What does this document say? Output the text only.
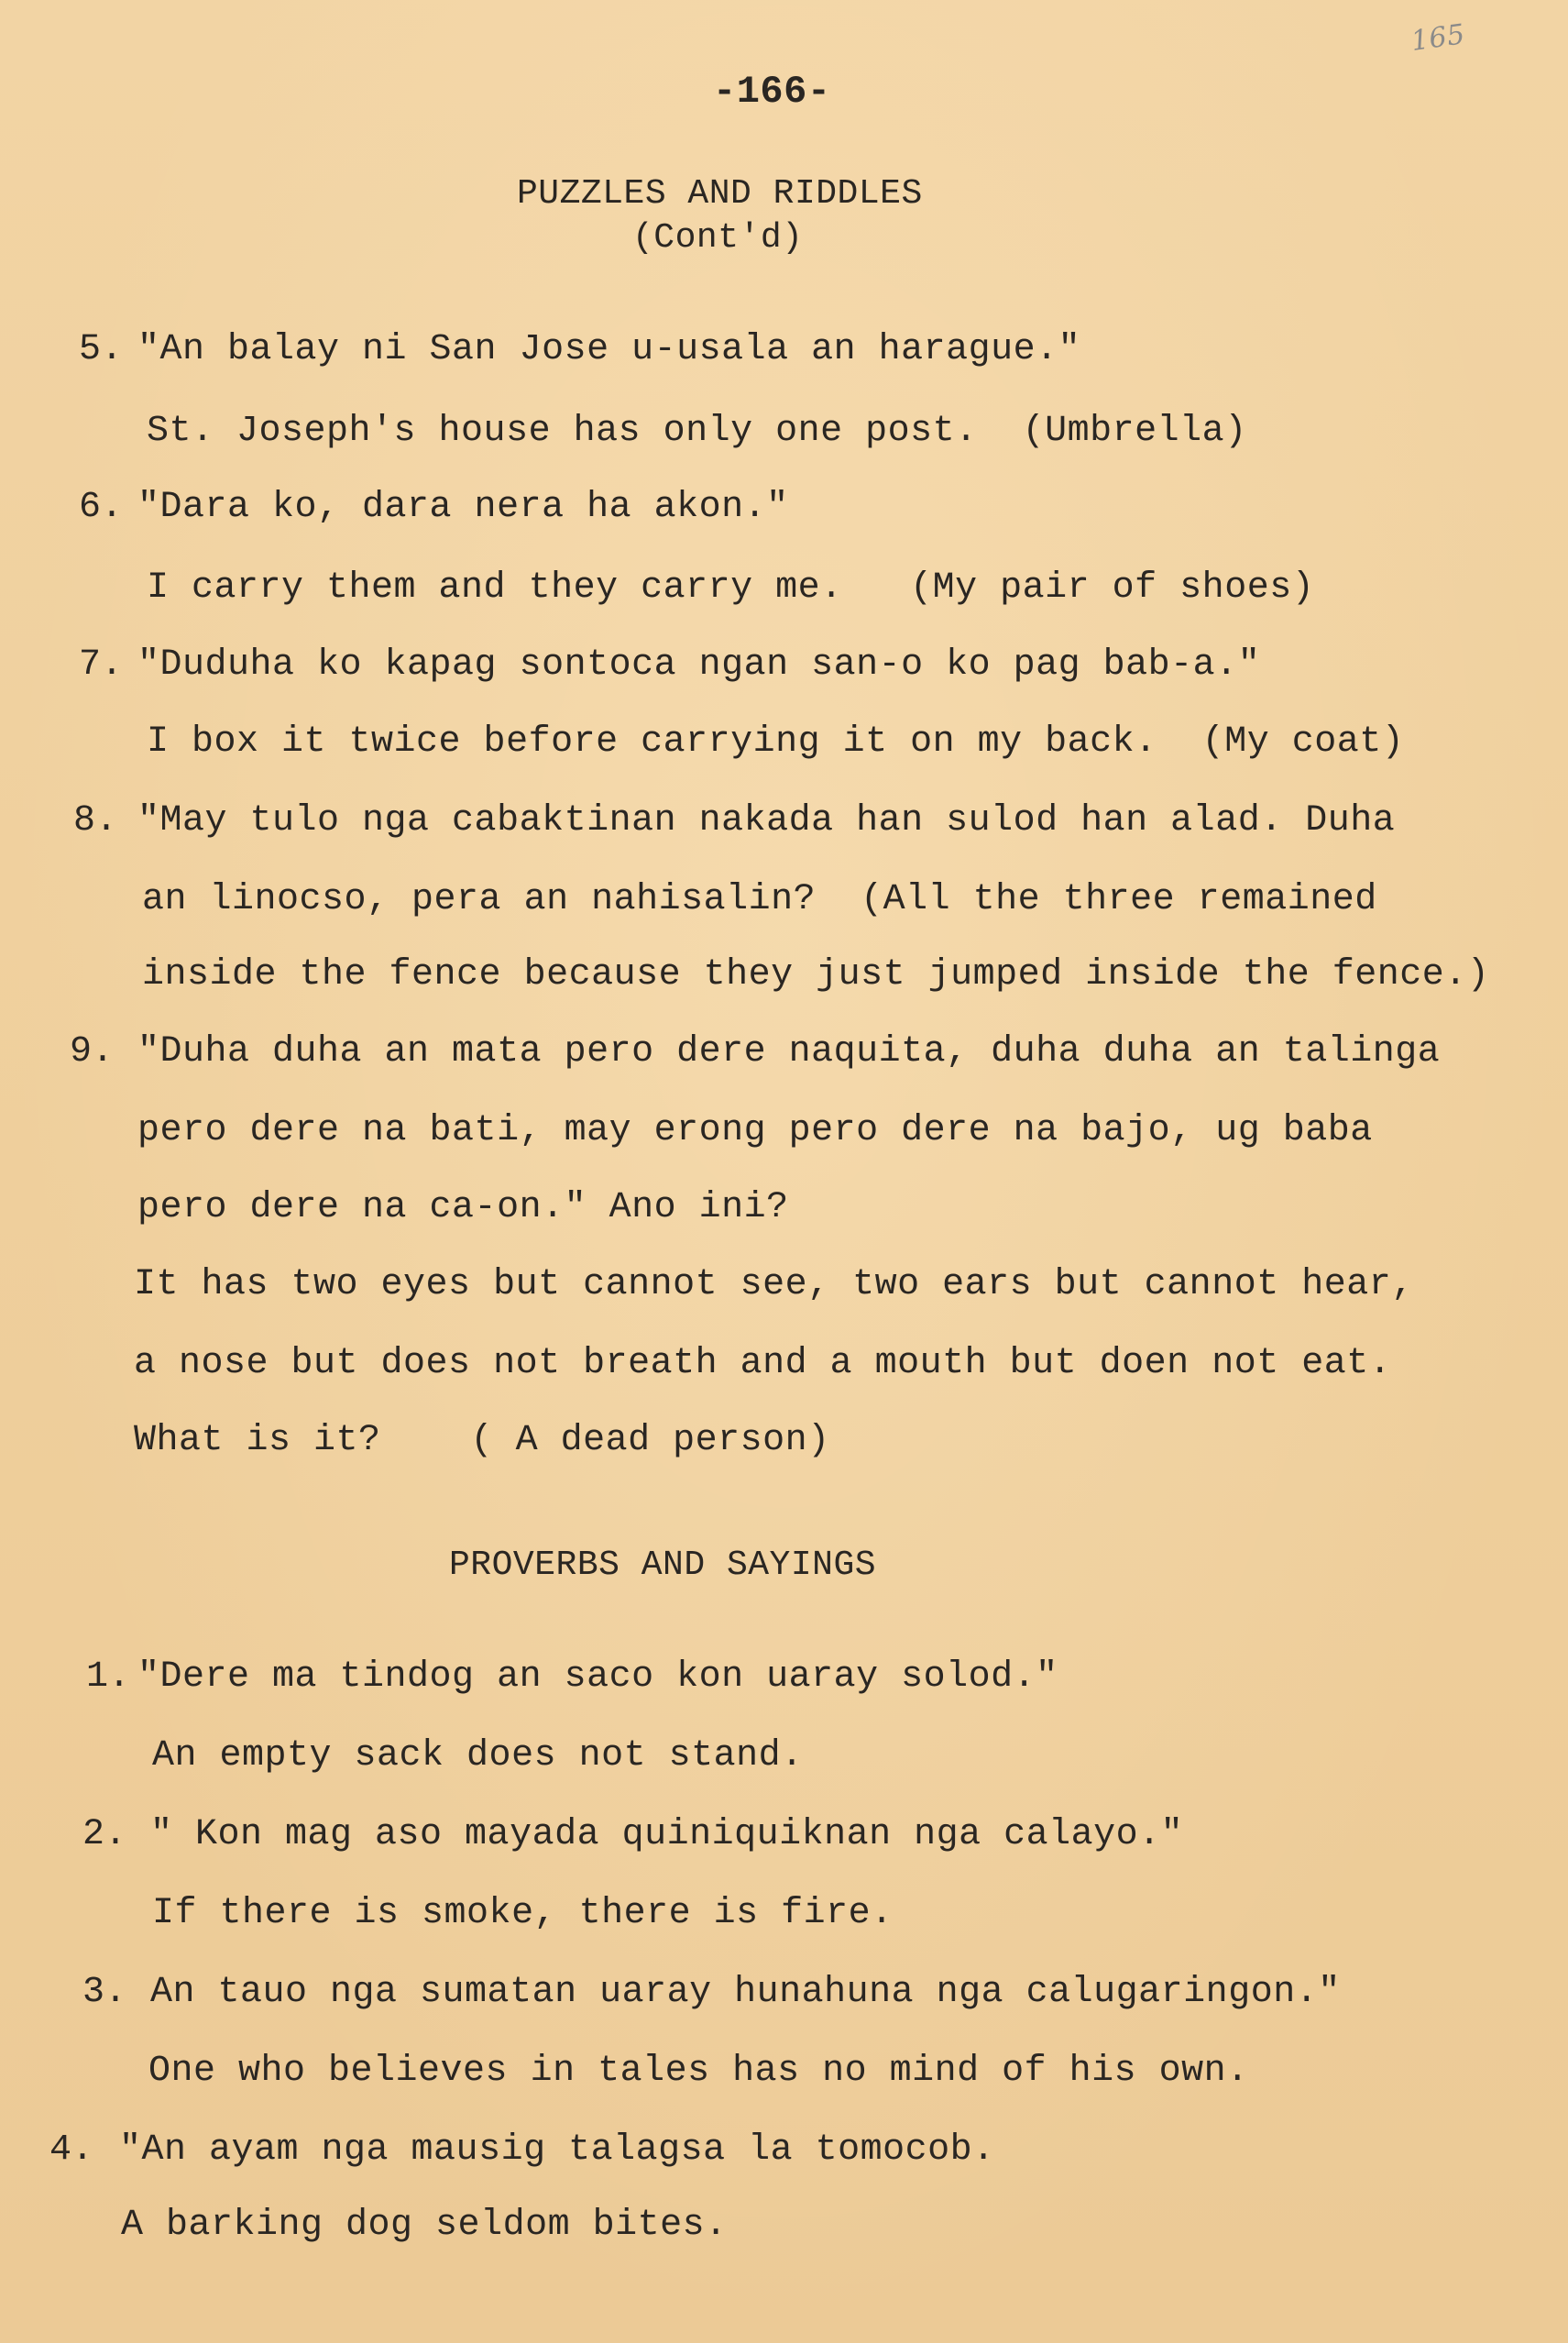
-166-
165
PUZZLES AND RIDDLES
(Cont'd)
5. "An balay ni San Jose u-usala an harague."
St. Joseph's house has only one post.  (Umbrella)
6. "Dara ko, dara nera ha akon."
I carry them and they carry me.   (My pair of shoes)
7. "Duduha ko kapag sontoca ngan san-o ko pag bab-a."
I box it twice before carrying it on my back.  (My coat)
8. "May tulo nga cabaktinan nakada han sulod han alad. Duha
an linocso, pera an nahisalin?  (All the three remained
inside the fence because they just jumped inside the fence.)
9. "Duha duha an mata pero dere naquita, duha duha an talinga
pero dere na bati, may erong pero dere na bajo, ug baba
pero dere na ca-on." Ano ini?
It has two eyes but cannot see, two ears but cannot hear,
a nose but does not breath and a mouth but doen not eat.
What is it?    ( A dead person)
PROVERBS AND SAYINGS
1. "Dere ma tindog an saco kon uaray solod."
An empty sack does not stand.
2. " Kon mag aso mayada quiniquiknan nga calayo."
If there is smoke, there is fire.
3. An tauo nga sumatan uaray hunahuna nga calugaringon."
One who believes in tales has no mind of his own.
4. "An ayam nga mausig talagsa la tomocob.
A barking dog seldom bites.
